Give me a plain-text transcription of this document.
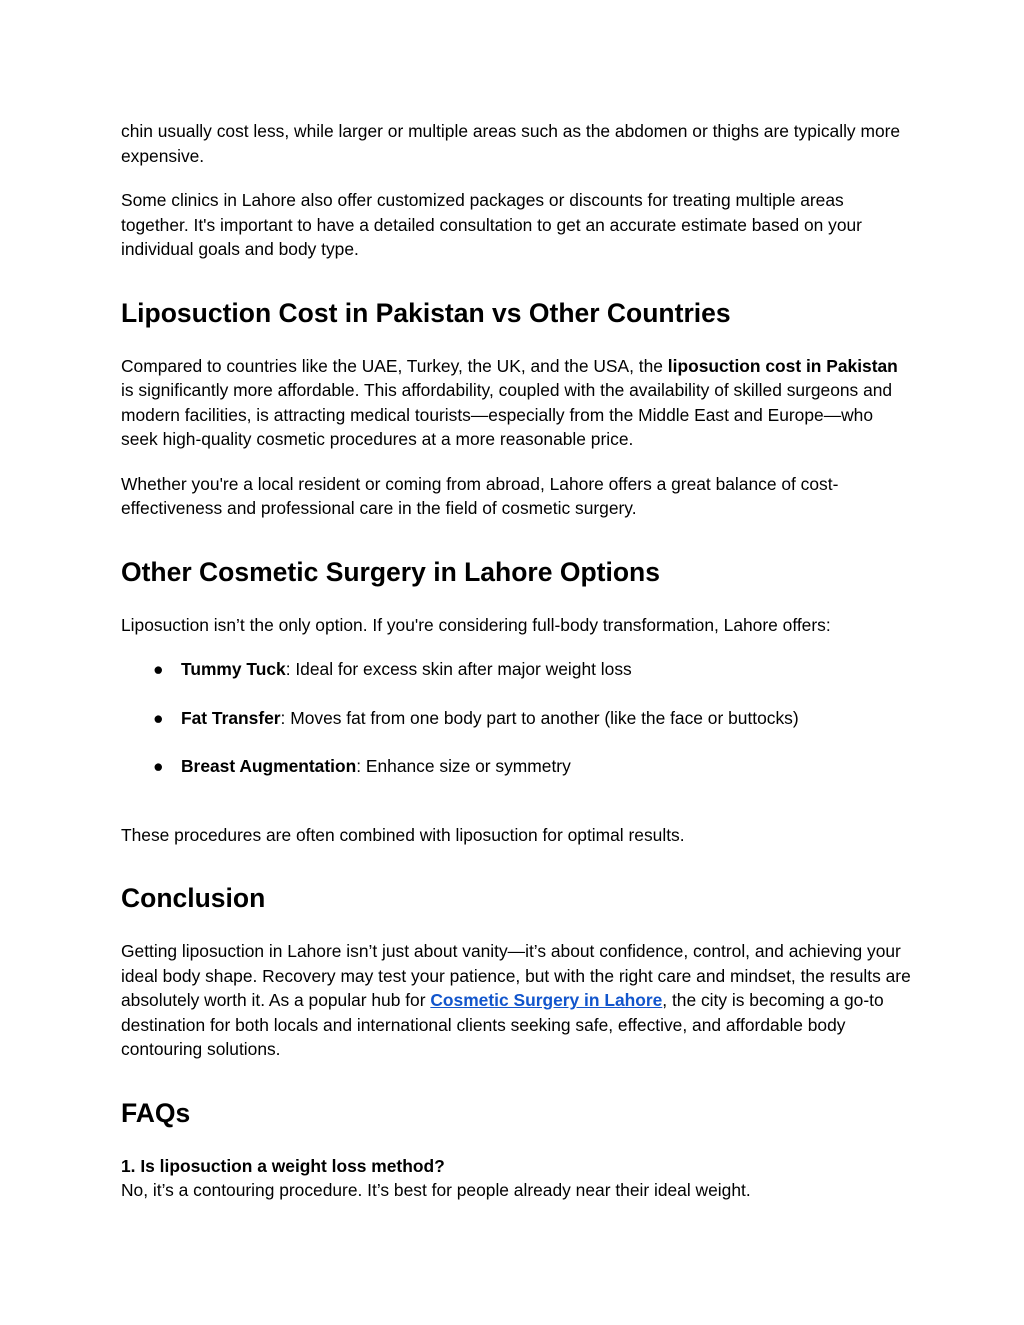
chin usually cost less, while larger or multiple areas such as the abdomen or thighs are typically more expensive.

Some clinics in Lahore also offer customized packages or discounts for treating multiple areas together. It's important to have a detailed consultation to get an accurate estimate based on your individual goals and body type.

Liposuction Cost in Pakistan vs Other Countries

Compared to countries like the UAE, Turkey, the UK, and the USA, the liposuction cost in Pakistan is significantly more affordable. This affordability, coupled with the availability of skilled surgeons and modern facilities, is attracting medical tourists—especially from the Middle East and Europe—who seek high-quality cosmetic procedures at a more reasonable price.

Whether you're a local resident or coming from abroad, Lahore offers a great balance of cost-effectiveness and professional care in the field of cosmetic surgery.

Other Cosmetic Surgery in Lahore Options

Liposuction isn’t the only option. If you're considering full-body transformation, Lahore offers:

● Tummy Tuck: Ideal for excess skin after major weight loss
● Fat Transfer: Moves fat from one body part to another (like the face or buttocks)
● Breast Augmentation: Enhance size or symmetry

These procedures are often combined with liposuction for optimal results.

Conclusion

Getting liposuction in Lahore isn’t just about vanity—it’s about confidence, control, and achieving your ideal body shape. Recovery may test your patience, but with the right care and mindset, the results are absolutely worth it. As a popular hub for Cosmetic Surgery in Lahore, the city is becoming a go-to destination for both locals and international clients seeking safe, effective, and affordable body contouring solutions.

FAQs

1. Is liposuction a weight loss method?
No, it’s a contouring procedure. It’s best for people already near their ideal weight.
